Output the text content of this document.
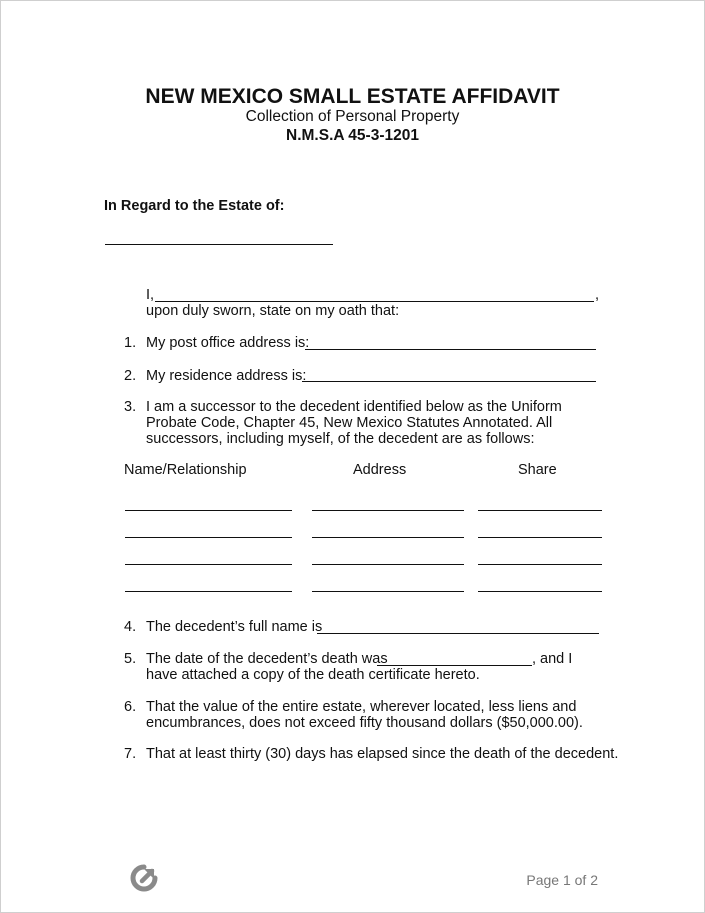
NEW MEXICO SMALL ESTATE AFFIDAVIT
Collection of Personal Property
N.M.S.A 45-3-1201
In Regard to the Estate of:
I,	,
upon duly sworn, state on my oath that:
1. My post office address is:
2. My residence address is:
3. I am a successor to the decedent identified below as the Uniform
Probate Code, Chapter 45, New Mexico Statutes Annotated. All
successors, including myself, of the decedent are as follows:
Name/Relationship	Address	Share
4. The decedent’s full name is
5. The date of the decedent’s death was	, and I
have attached a copy of the death certificate hereto.
6. That the value of the entire estate, wherever located, less liens and
encumbrances, does not exceed fifty thousand dollars ($50,000.00).
7. That at least thirty (30) days has elapsed since the death of the decedent.
Page 1 of 2
